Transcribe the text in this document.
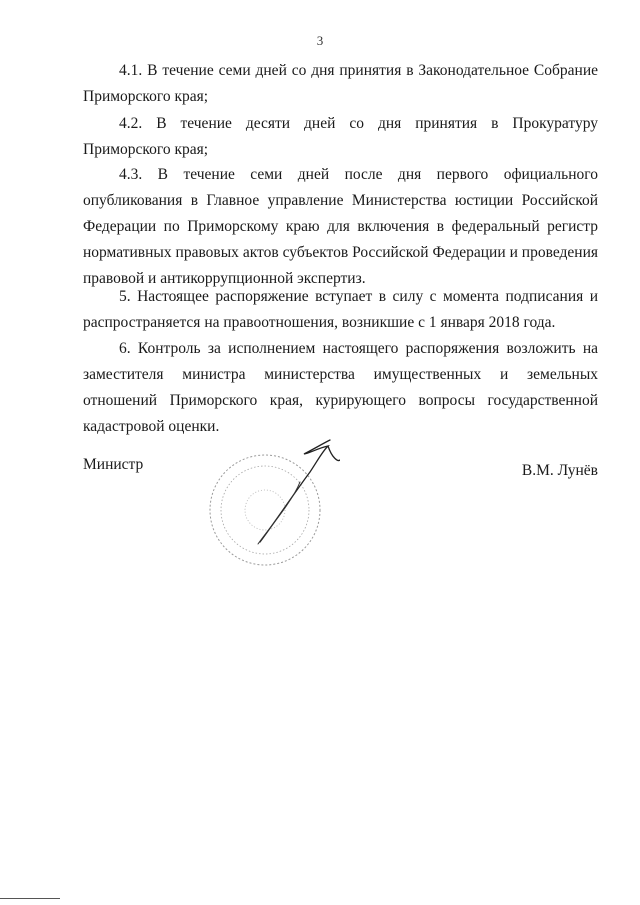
3

4.1. В течение семи дней со дня принятия в Законодательное Собрание Приморского края;

4.2. В течение десяти дней со дня принятия в Прокуратуру Приморского края;

4.3. В течение семи дней после дня первого официального опубликования в Главное управление Министерства юстиции Российской Федерации по Приморскому краю для включения в федеральный регистр нормативных правовых актов субъектов Российской Федерации и проведения правовой и антикоррупционной экспертиз.

5. Настоящее распоряжение вступает в силу с момента подписания и распространяется на правоотношения, возникшие с 1 января 2018 года.

6. Контроль за исполнением настоящего распоряжения возложить на заместителя министра министерства имущественных и земельных отношений Приморского края, курирующего вопросы государственной кадастровой оценки.

Министр	В.М. Лунёв
